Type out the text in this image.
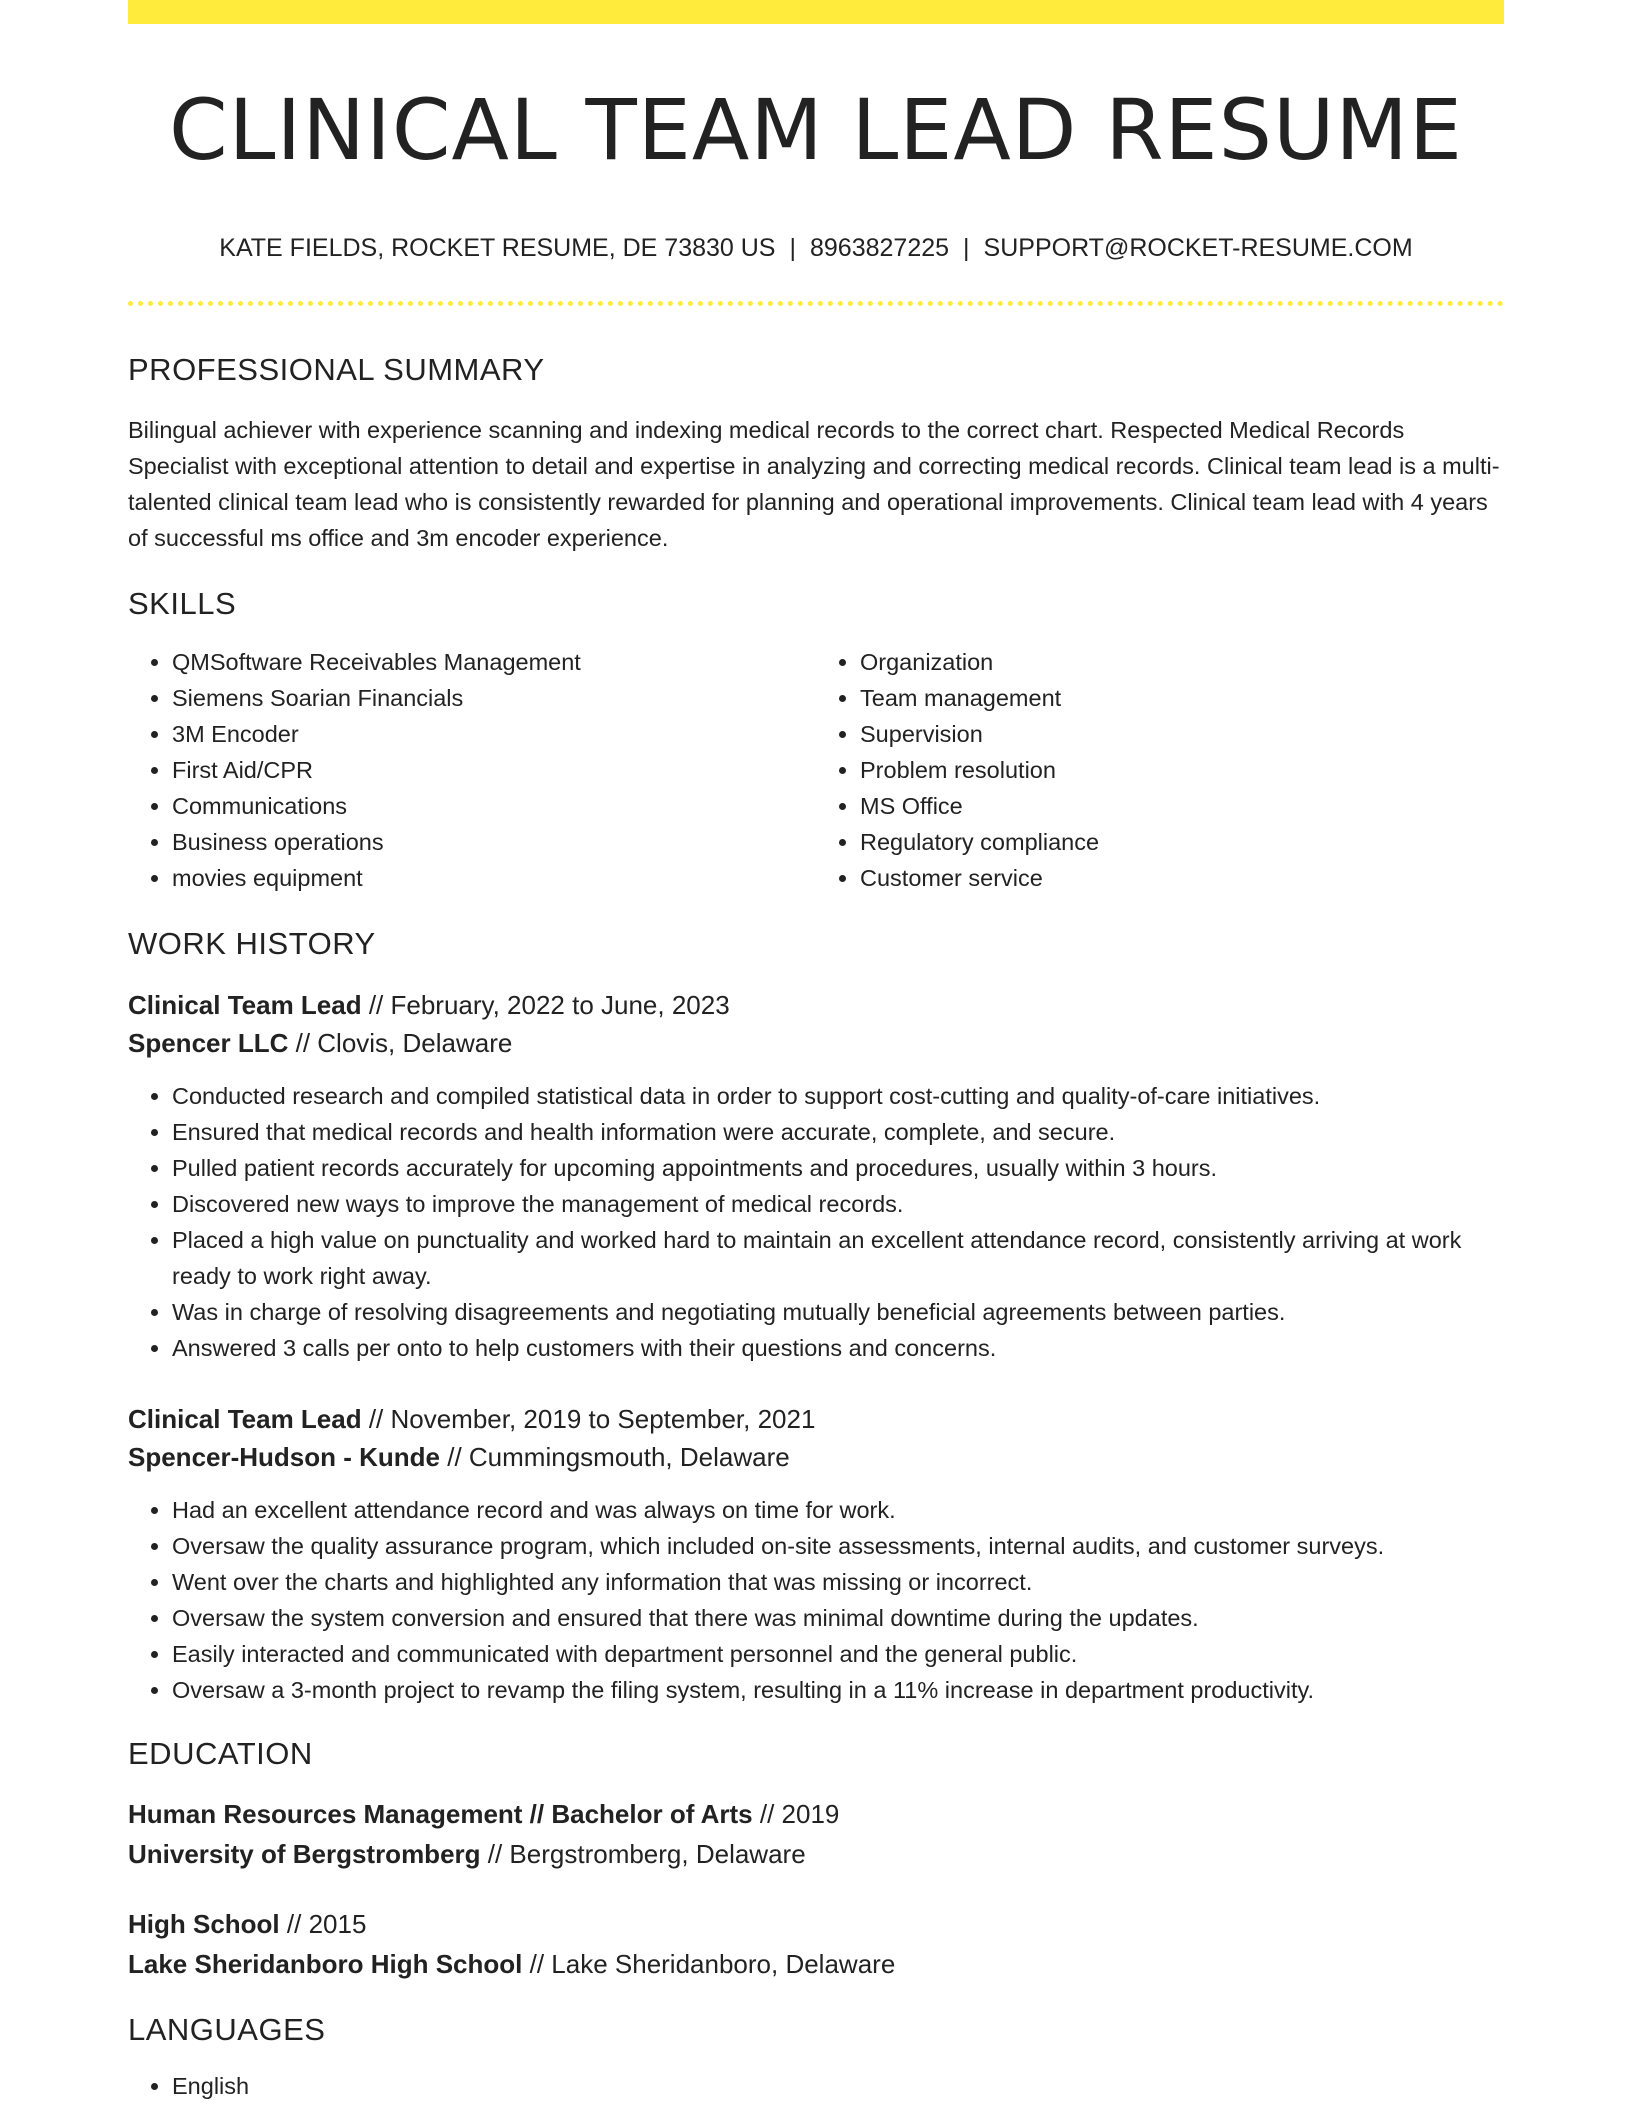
CLINICAL TEAM LEAD RESUME
KATE FIELDS, ROCKET RESUME, DE 73830 US | 8963827225 | SUPPORT@ROCKET-RESUME.COM
PROFESSIONAL SUMMARY

Bilingual achiever with experience scanning and indexing medical records to the correct chart. Respected Medical Records Specialist with exceptional attention to detail and expertise in analyzing and correcting medical records. Clinical team lead is a multi-talented clinical team lead who is consistently rewarded for planning and operational improvements. Clinical team lead with 4 years of successful ms office and 3m encoder experience.

SKILLS
• QMSoftware Receivables Management
• Siemens Soarian Financials
• 3M Encoder
• First Aid/CPR
• Communications
• Business operations
• movies equipment
• Organization
• Team management
• Supervision
• Problem resolution
• MS Office
• Regulatory compliance
• Customer service
WORK HISTORY
Clinical Team Lead // February, 2022 to June, 2023
Spencer LLC // Clovis, Delaware
• Conducted research and compiled statistical data in order to support cost-cutting and quality-of-care initiatives.
• Ensured that medical records and health information were accurate, complete, and secure.
• Pulled patient records accurately for upcoming appointments and procedures, usually within 3 hours.
• Discovered new ways to improve the management of medical records.
• Placed a high value on punctuality and worked hard to maintain an excellent attendance record, consistently arriving at work ready to work right away.
• Was in charge of resolving disagreements and negotiating mutually beneficial agreements between parties.
• Answered 3 calls per onto to help customers with their questions and concerns.
Clinical Team Lead // November, 2019 to September, 2021
Spencer-Hudson - Kunde // Cummingsmouth, Delaware
• Had an excellent attendance record and was always on time for work.
• Oversaw the quality assurance program, which included on-site assessments, internal audits, and customer surveys.
• Went over the charts and highlighted any information that was missing or incorrect.
• Oversaw the system conversion and ensured that there was minimal downtime during the updates.
• Easily interacted and communicated with department personnel and the general public.
• Oversaw a 3-month project to revamp the filing system, resulting in a 11% increase in department productivity.
EDUCATION
Human Resources Management // Bachelor of Arts // 2019
University of Bergstromberg // Bergstromberg, Delaware
High School // 2015
Lake Sheridanboro High School // Lake Sheridanboro, Delaware
LANGUAGES
• English
